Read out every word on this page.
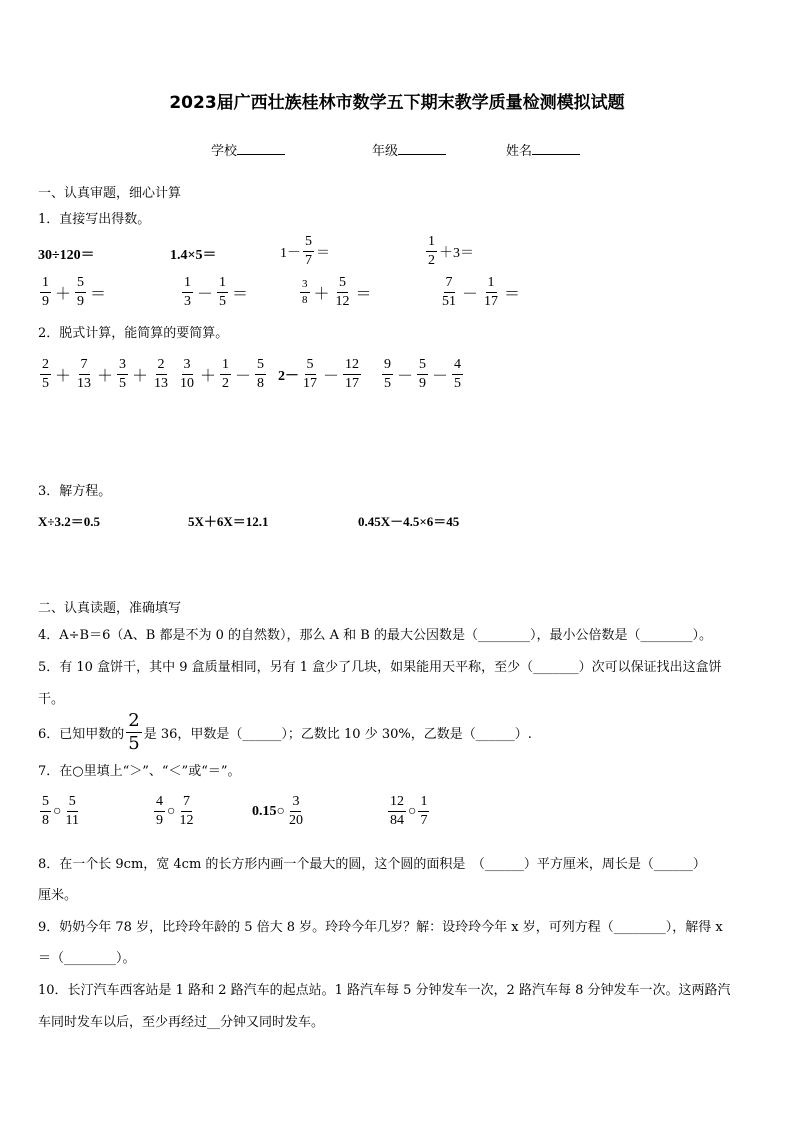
2023届广西壮族桂林市数学五下期末教学质量检测模拟试题
学校	年级	姓名
一、认真审题，细心计算
1．直接写出得数。
30÷120＝	1.4×5＝	$1- \frac{5}{7}$ ＝	$\frac{1}{2} +3=$
$\frac{1}{9} + \frac{5}{9}$ ＝	$\frac{1}{3} - \frac{1}{5}$ ＝	$\frac{3}{8} + \frac{5}{12}$ ＝	$\frac{7}{51} - \frac{1}{17}$ ＝
2．脱式计算，能简算的要简算。
$\frac{2}{5} + \frac{7}{13} + \frac{3}{5} + \frac{2}{13} \frac{3}{10} + \frac{1}{2} - \frac{5}{8} 2- \frac{5}{17} - \frac{12}{17} \frac{9}{5} - \frac{5}{9} - \frac{4}{5}$
3．解方程。
X÷3.2＝0.5	5X＋6X＝12.1	0.45X－4.5×6＝45
二、认真读题，准确填写
4．A÷B＝6（A、B 都是不为 0 的自然数），那么 A 和 B 的最大公因数是（________），最小公倍数是（________）。
5．有 10 盒饼干，其中 9 盒质量相同，另有 1 盒少了几块，如果能用天平称，至少（_______）次可以保证找出这盒饼
干。
6．已知甲数的 $\frac{2}{5}$ 是 36，甲数是（______）；乙数比 10 少 30%，乙数是（______）.
7．在○里填上“＞”、“＜”或“＝”。
$\frac{5}{8}$ ○ $\frac{5}{11}$	$\frac{4}{9}$ ○ $\frac{7}{12}$	0.15 ○ $\frac{3}{20}$	$\frac{12}{84}$ ○ $\frac{1}{7}$
8．在一个长 9cm，宽 4cm 的长方形内画一个最大的圆，这个圆的面积是　（______）平方厘米，周长是（______）
厘米。
9．奶奶今年 78 岁，比玲玲年龄的 5 倍大 8 岁。玲玲今年几岁？解：设玲玲今年 x 岁，可列方程（________），解得 x
＝（________）。
10．长汀汽车西客站是 1 路和 2 路汽车的起点站。1 路汽车每 5 分钟发车一次，2 路汽车每 8 分钟发车一次。这两路汽
车同时发车以后，至少再经过__分钟又同时发车。
